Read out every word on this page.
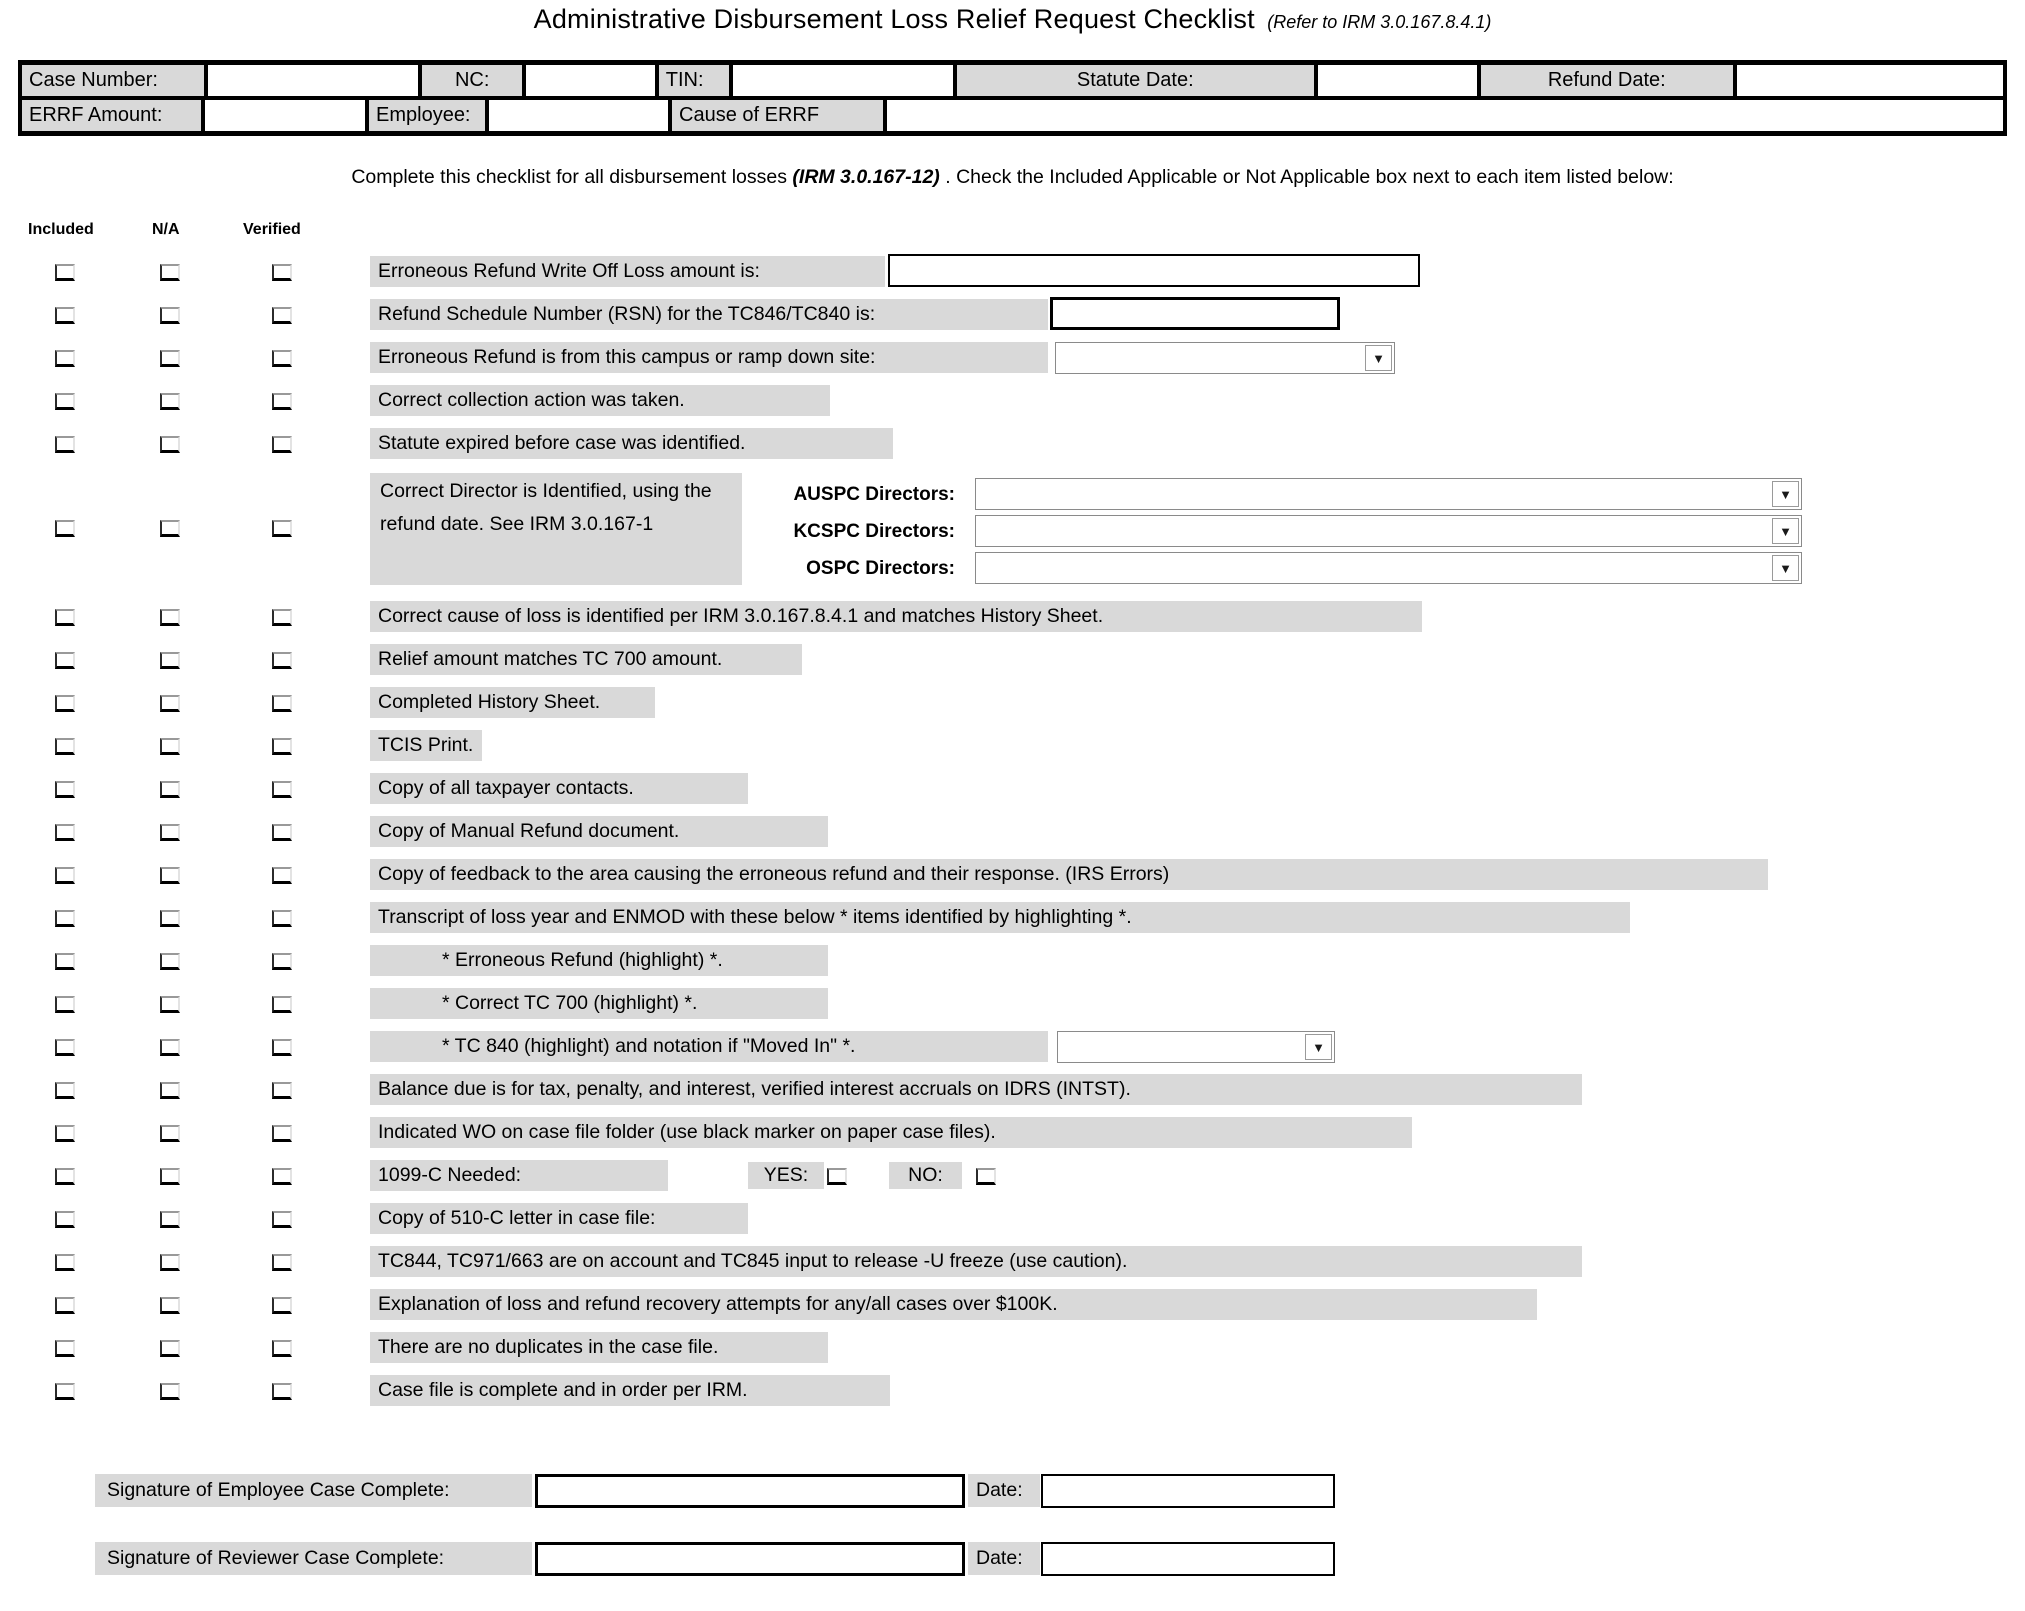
Administrative Disbursement Loss Relief Request Checklist (Refer to IRM 3.0.167.8.4.1)
Case Number:	NC:	TIN:	Statute Date:	Refund Date:
ERRF Amount:	Employee:	Cause of ERRF
Complete this checklist for all disbursement losses (IRM 3.0.167-12) . Check the Included Applicable or Not Applicable box next to each item listed below:
Included	N/A	Verified
Erroneous Refund Write Off Loss amount is:
Refund Schedule Number (RSN) for the TC846/TC840 is:
Erroneous Refund is from this campus or ramp down site:	▼
Correct collection action was taken.
Statute expired before case was identified.
Correct Director is Identified, using the refund date. See IRM 3.0.167-1
AUSPC Directors:	▼
KCSPC Directors:	▼
OSPC Directors:	▼
Correct cause of loss is identified per IRM 3.0.167.8.4.1 and matches History Sheet.
Relief amount matches TC 700 amount.
Completed History Sheet.
TCIS Print.
Copy of all taxpayer contacts.
Copy of Manual Refund document.
Copy of feedback to the area causing the erroneous refund and their response. (IRS Errors)
Transcript of loss year and ENMOD with these below * items identified by highlighting *.
* Erroneous Refund (highlight) *.
* Correct TC 700 (highlight) *.
* TC 840 (highlight) and notation if "Moved In" *.	▼
Balance due is for tax, penalty, and interest, verified interest accruals on IDRS (INTST).
Indicated WO on case file folder (use black marker on paper case files).
1099-C Needed:	YES:	NO:
Copy of 510-C letter in case file:
TC844, TC971/663 are on account and TC845 input to release -U freeze (use caution).
Explanation of loss and refund recovery attempts for any/all cases over $100K.
There are no duplicates in the case file.
Case file is complete and in order per IRM.
Signature of Employee Case Complete:	Date:
Signature of Reviewer Case Complete:	Date:
